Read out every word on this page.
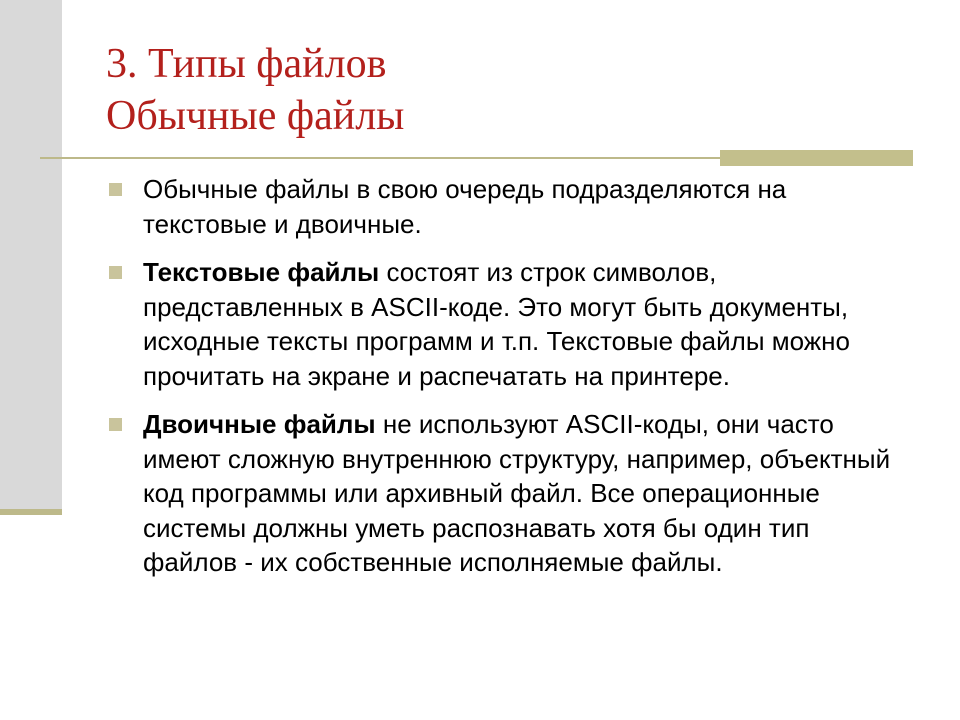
3. Типы файлов
Обычные файлы
Обычные файлы в свою очередь подразделяются на текстовые и двоичные.
Текстовые файлы состоят из строк символов, представленных в ASCII-коде. Это могут быть документы, исходные тексты программ и т.п. Текстовые файлы можно прочитать на экране и распечатать на принтере.
Двоичные файлы не используют ASCII-коды, они часто имеют сложную внутреннюю структуру, например, объектный код программы или архивный файл. Все операционные системы должны уметь распознавать хотя бы один тип файлов - их собственные исполняемые файлы.
